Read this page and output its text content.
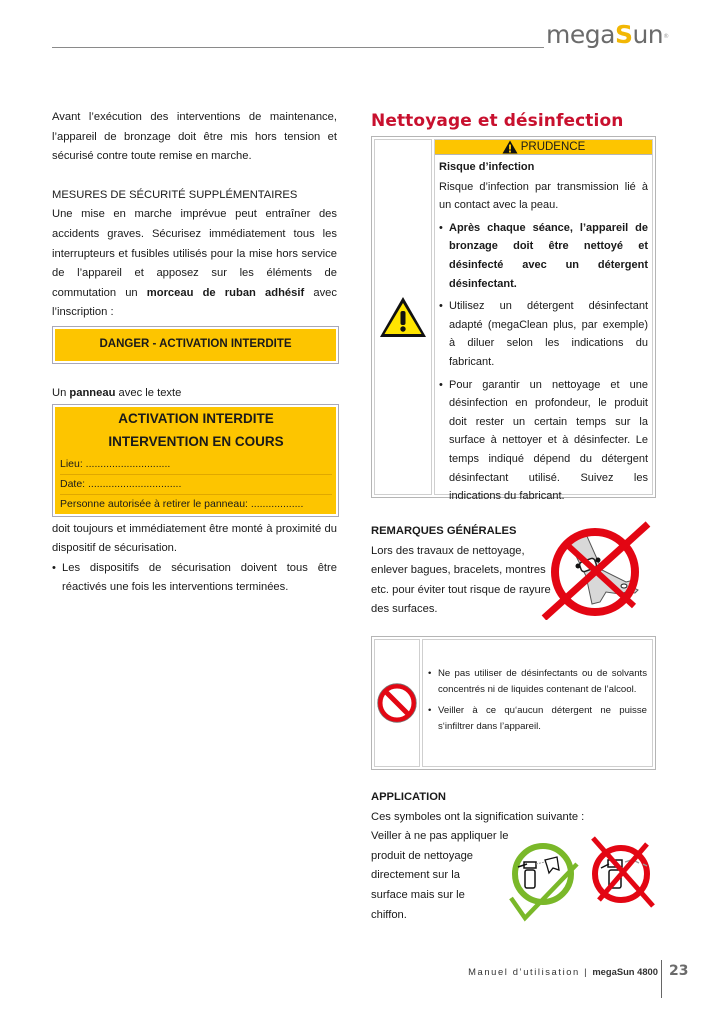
megaSun®

Avant l’exécution des interventions de maintenance, l’appareil de bronzage doit être mis hors tension et sécurisé contre toute remise en marche.

MESURES DE SÉCURITÉ SUPPLÉMENTAIRES

Une mise en marche imprévue peut entraîner des accidents graves. Sécurisez immédiatement tous les interrupteurs et fusibles utilisés pour la mise hors service de l’appareil et apposez sur les éléments de commutation un morceau de ruban adhésif avec l’inscription :

DANGER - ACTIVATION INTERDITE

Un panneau avec le texte

ACTIVATION INTERDITE
INTERVENTION EN COURS
Lieu: .............................
Date: ................................
Personne autorisée à retirer le panneau: ..................

doit toujours et immédiatement être monté à proximité du dispositif de sécurisation.

• Les dispositifs de sécurisation doivent tous être réactivés une fois les interventions terminées.
Nettoyage et désinfection
PRUDENCE
Risque d’infection
Risque d’infection par transmission lié à un contact avec la peau.
• Après chaque séance, l’appareil de bronzage doit être nettoyé et désinfecté avec un détergent désinfectant.
• Utilisez un détergent désinfectant adapté (megaClean plus, par exemple) à diluer selon les indications du fabricant.
• Pour garantir un nettoyage et une désinfection en profondeur, le produit doit rester un certain temps sur la surface à nettoyer et à désinfecter. Le temps indiqué dépend du détergent désinfectant utilisé. Suivez les indications du fabricant.
REMARQUES GÉNÉRALES

Lors des travaux de nettoyage, enlever bagues, bracelets, montres etc. pour éviter tout risque de rayure des surfaces.

• Ne pas utiliser de désinfectants ou de solvants concentrés ni de liquides contenant de l’alcool.
• Veiller à ce qu‘aucun détergent ne puisse s‘infiltrer dans l’appareil.
APPLICATION

Ces symboles ont la signification suivante :

Veiller à ne pas appliquer le

produit de nettoyage

directement sur la

surface mais sur le

chiffon.

Manuel d’utilisation | megaSun 4800 23
